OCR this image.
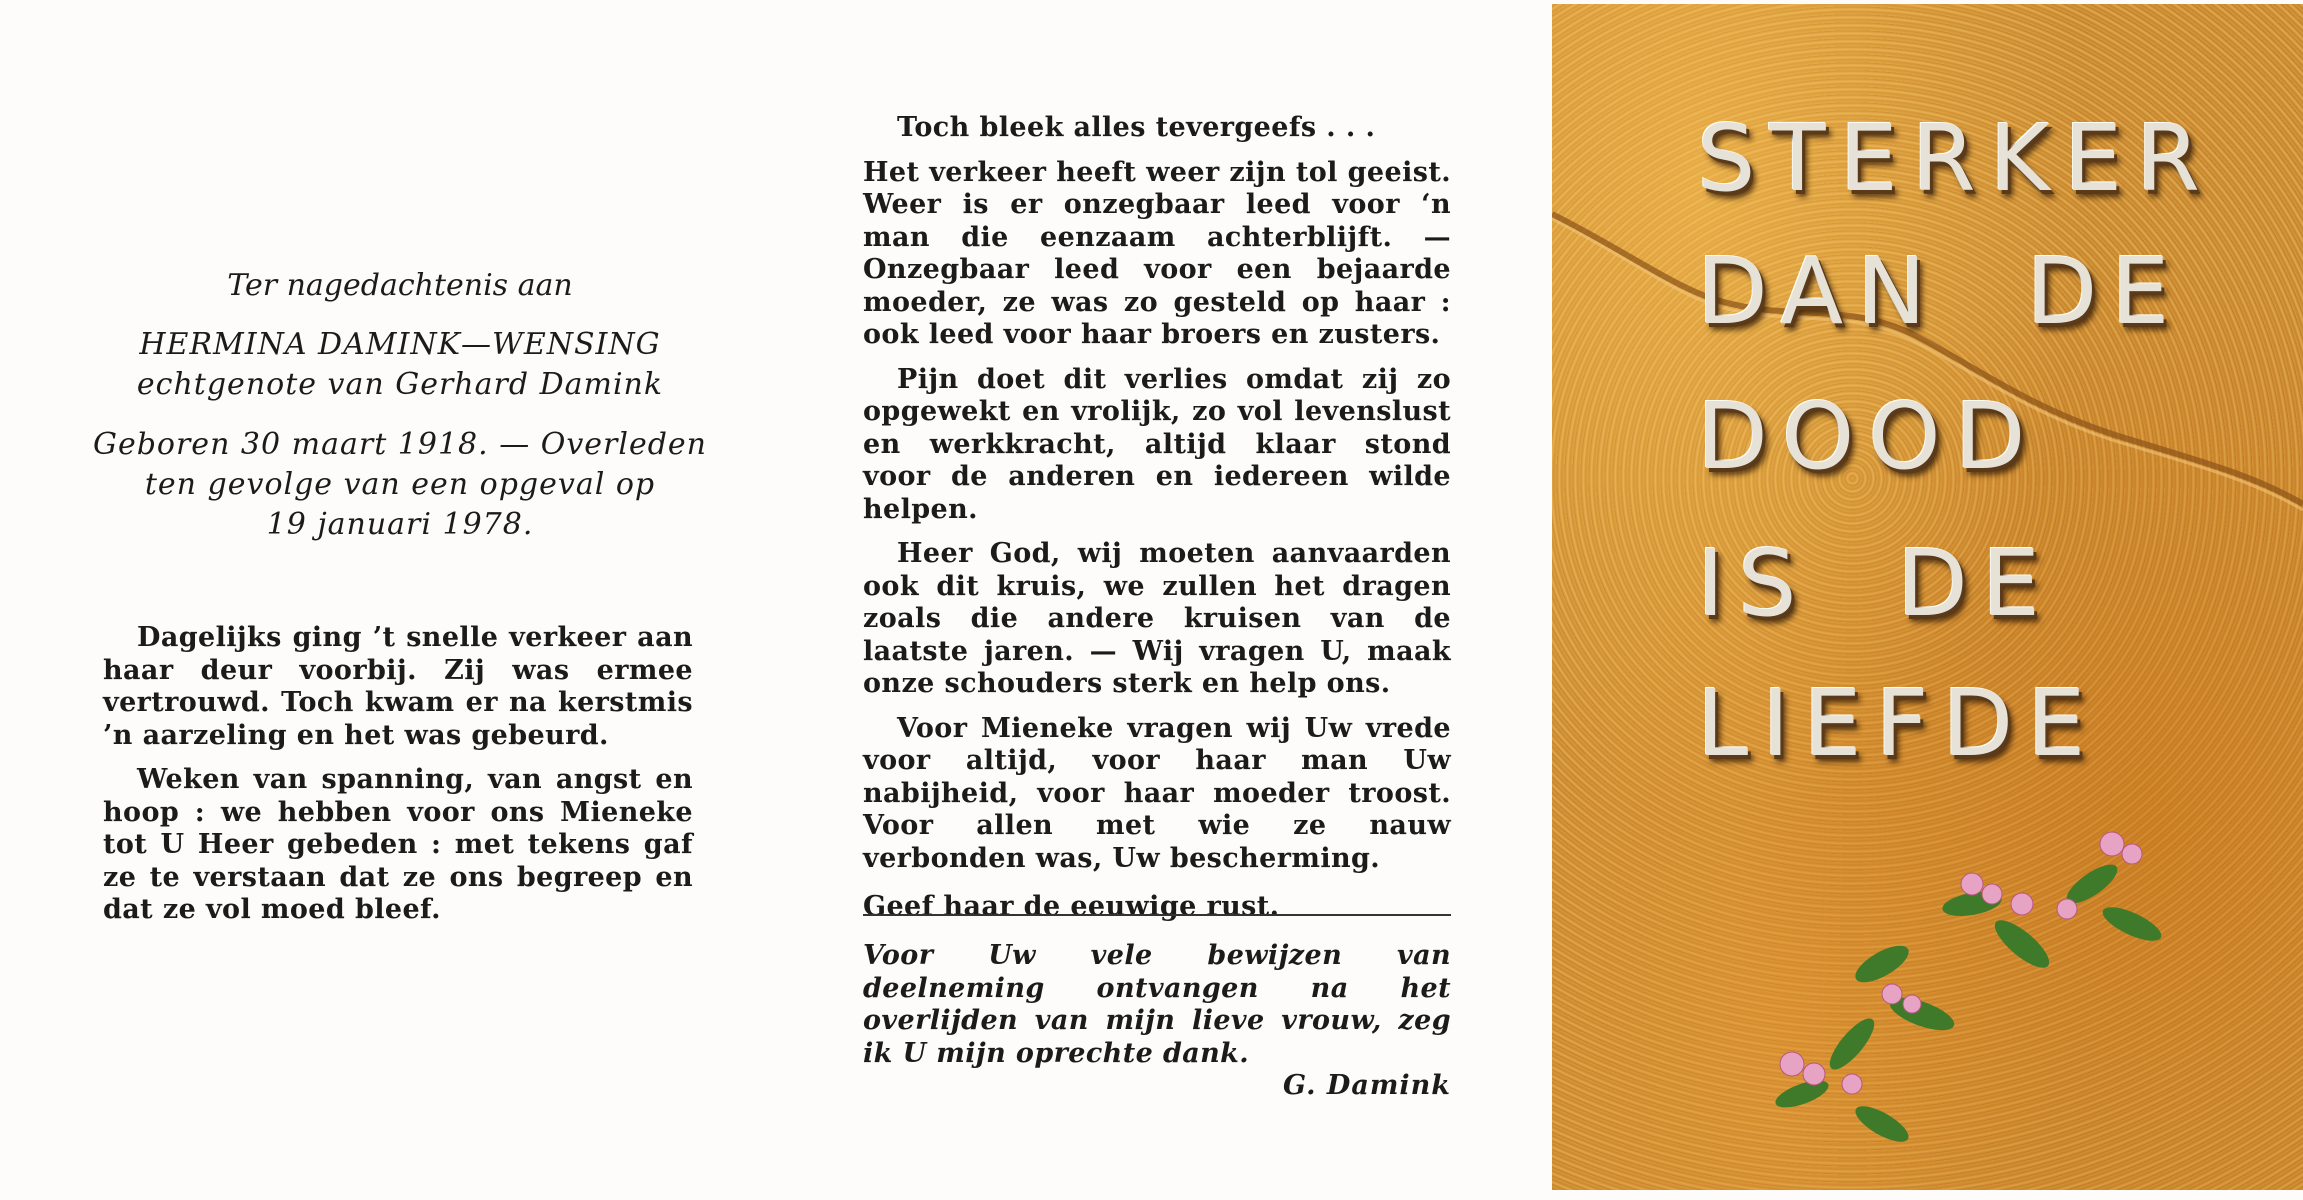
Ter nagedachtenis aan
HERMINA DAMINK—WENSING
echtgenote van Gerhard Damink
Geboren 30 maart 1918. — Overleden
ten gevolge van een opgeval op
19 januari 1978.

Dagelijks ging ’t snelle verkeer aan haar deur voorbij. Zij was ermee vertrouwd. Toch kwam er na kerstmis ’n aarzeling en het was gebeurd.

Weken van spanning, van angst en hoop : we hebben voor ons Mieneke tot U Heer gebeden : met tekens gaf ze te verstaan dat ze ons begreep en dat ze vol moed bleef.

Toch bleek alles tevergeefs . . .

Het verkeer heeft weer zijn tol geeist. Weer is er onzegbaar leed voor ‘n man die eenzaam achterblijft. — Onzegbaar leed voor een bejaarde moeder, ze was zo gesteld op haar : ook leed voor haar broers en zusters.

Pijn doet dit verlies omdat zij zo opgewekt en vrolijk, zo vol levenslust en werkkracht, altijd klaar stond voor de anderen en iedereen wilde helpen.

Heer God, wij moeten aanvaarden ook dit kruis, we zullen het dragen zoals die andere kruisen van de laatste jaren. — Wij vragen U, maak onze schouders sterk en help ons.

Voor Mieneke vragen wij Uw vrede voor altijd, voor haar man Uw nabijheid, voor haar moeder troost. Voor allen met wie ze nauw verbonden was, Uw bescherming.

Geef haar de eeuwige rust.

Voor Uw vele bewijzen van deelneming ontvangen na het overlijden van mijn lieve vrouw, zeg ik U mijn oprechte dank.
G. Damink
STERKER
DAN  DE
DOOD
IS  DE
LIEFDE
